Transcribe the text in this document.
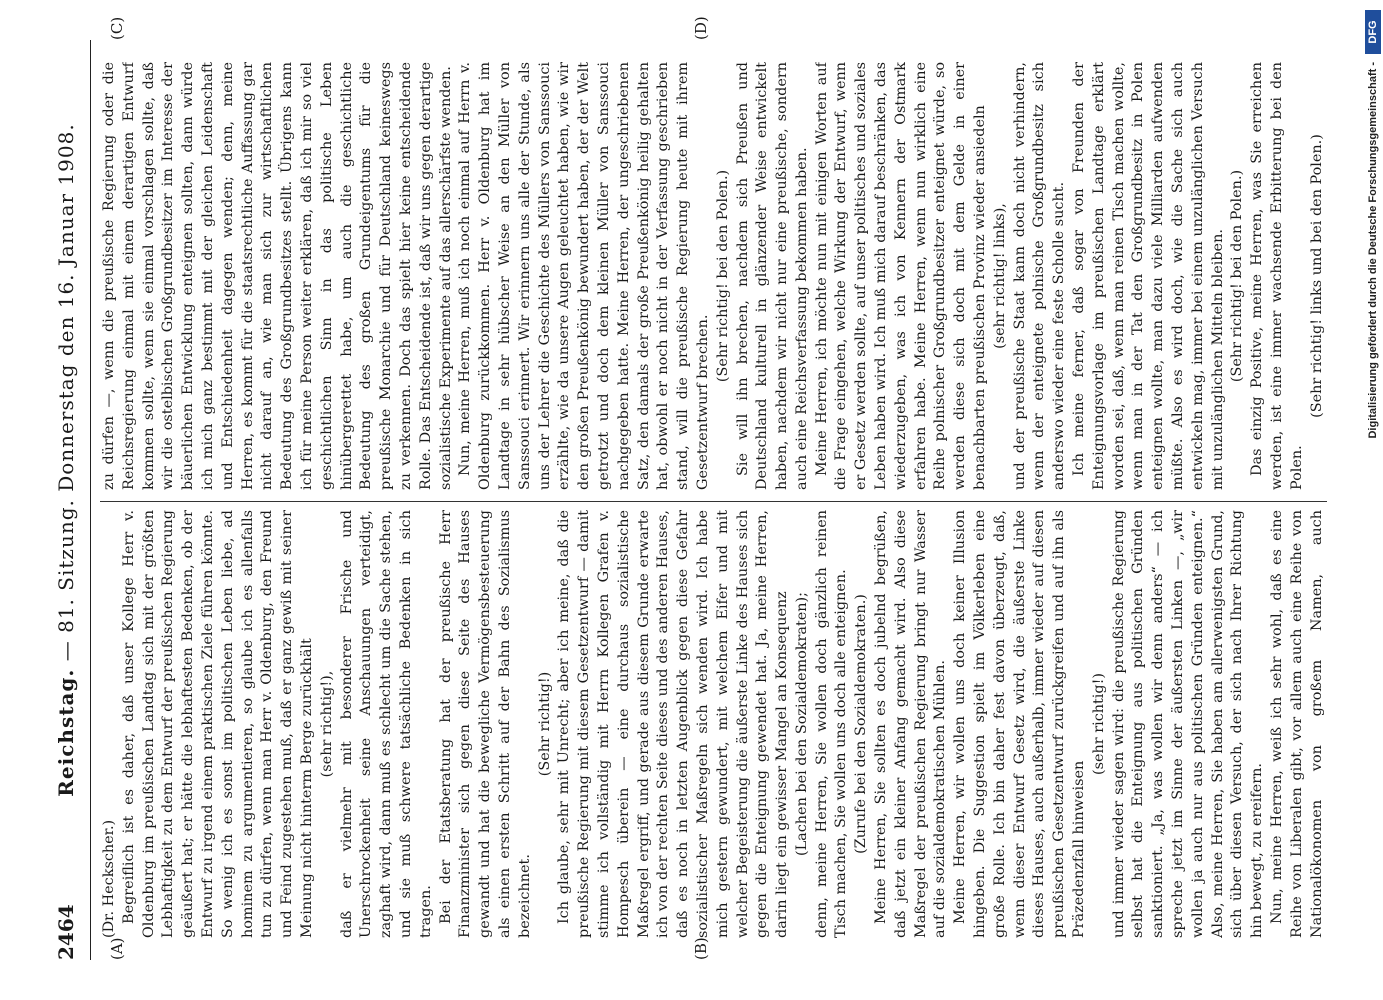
2464
Reichstag. — 81. Sitzung. Donnerstag den 16. Januar 1908.
(A)	(B)
(C)	(D)

(Dr. Heckscher.) Begreiflich ist es daher, daß unser Kollege Herr v. Oldenburg im preußischen Landtag sich mit der größten Lebhaftigkeit zu dem Entwurf der preußischen Regierung geäußert hat; er hätte die lebhaftesten Bedenken, ob der Entwurf zu irgend einem praktischen Ziele führen könnte. So wenig ich es sonst im politischen Leben liebe, ad hominem zu argumentieren, so glaube ich es allenfalls tun zu dürfen, wenn man Herr v. Oldenburg, den Freund und Feind zugestehen muß, daß er ganz gewiß mit seiner Meinung nicht hinterm Berge zurückhält (sehr richtig!), daß er vielmehr mit besonderer Frische und Unerschrockenheit seine Anschauungen verteidigt, zaghaft wird, dann muß es schlecht um die Sache stehen, und sie muß schwere tatsächliche Bedenken in sich tragen. Bei der Etatsberatung hat der preußische Herr Finanzminister sich gegen diese Seite des Hauses gewandt und hat die bewegliche Vermögensbesteuerung als einen ersten Schritt auf der Bahn des Sozialismus bezeichnet.

(Sehr richtig!) Ich glaube, sehr mit Unrecht; aber ich meine, daß die preußische Regierung mit diesem Gesetzentwurf — damit stimme ich vollständig mit Herrn Kollegen Grafen v. Hompesch überein — eine durchaus sozialistische Maßregel ergriff, und gerade aus diesem Grunde erwarte ich von der rechten Seite dieses und des anderen Hauses, daß es noch in letzten Augenblick gegen diese Gefahr sozialistischer Maßregeln sich wenden wird. Ich habe mich gestern gewundert, mit welchem Eifer und mit welcher Begeisterung die äußerste Linke des Hauses sich gegen die Enteignung gewendet hat. Ja, meine Herren, darin liegt ein gewisser Mangel an Konsequenz (Lachen bei den Sozialdemokraten); denn, meine Herren, Sie wollen doch gänzlich reinen Tisch machen, Sie wollen uns doch alle enteignen. (Zurufe bei den Sozialdemokraten.) Meine Herren, Sie sollten es doch jubelnd begrüßen, daß jetzt ein kleiner Anfang gemacht wird. Also diese Maßregel der preußischen Regierung bringt nur Wasser auf die sozialdemokratischen Mühlen. Meine Herren, wir wollen uns doch keiner Illusion hingeben. Die Suggestion spielt im Völkerleben eine große Rolle. Ich bin daher fest davon überzeugt, daß, wenn dieser Entwurf Gesetz wird, die äußerste Linke dieses Hauses, auch außerhalb, immer wieder auf diesen preußischen Gesetzentwurf zurückgreifen und auf ihn als Präzedenzfall hinweisen

(sehr richtig!) und immer wieder sagen wird: die preußische Regierung selbst hat die Enteignung aus politischen Gründen sanktioniert. „Ja, was wollen wir denn anders“ — ich spreche jetzt im Sinne der äußersten Linken —, „wir wollen ja auch nur aus politischen Gründen enteignen.“ Also, meine Herren, Sie haben am allerwenigsten Grund, sich über diesen Versuch, der sich nach Ihrer Richtung hin bewegt, zu ereifern. Nun, meine Herren, weiß ich sehr wohl, daß es eine Reihe von Liberalen gibt, vor allem auch eine Reihe von Nationalökonomen von großem Namen, auch

zu dürfen —, wenn die preußische Regierung oder die Reichsregierung einmal mit einem derartigen Entwurf kommen sollte, wenn sie einmal vorschlagen sollte, daß wir die ostelbischen Großgrundbesitzer im Interesse der bäuerlichen Entwicklung enteignen sollten, dann würde ich mich ganz bestimmt mit der gleichen Leidenschaft und Entschiedenheit dagegen wenden; denn, meine Herren, es kommt für die staatsrechtliche Auffassung gar nicht darauf an, wie man sich zur wirtschaftlichen Bedeutung des Großgrundbesitzes stellt. Übrigens kann ich für meine Person weiter erklären, daß ich mir so viel geschichtlichen Sinn in das politische Leben hinübergerettet habe, um auch die geschichtliche Bedeutung des großen Grundeigentums für die preußische Monarchie und für Deutschland keineswegs zu verkennen. Doch das spielt hier keine entscheidende Rolle. Das Entscheidende ist, daß wir uns gegen derartige sozialistische Experimente auf das allerschärfste wenden. Nun, meine Herren, muß ich noch einmal auf Herrn v. Oldenburg zurückkommen. Herr v. Oldenburg hat im Landtage in sehr hübscher Weise an den Müller von Sanssouci erinnert. Wir erinnern uns alle der Stunde, als uns der Lehrer die Geschichte des Müllers von Sanssouci erzählte, wie da unsere Augen geleuchtet haben, wie wir den großen Preußenkönig bewundert haben, der der Welt getrotzt und doch dem kleinen Müller von Sanssouci nachgegeben hatte. Meine Herren, der ungeschriebenen Satz, den damals der große Preußenkönig heilig gehalten hat, obwohl er noch nicht in der Verfassung geschrieben stand, will die preußische Regierung heute mit ihrem Gesetzentwurf brechen.

(Sehr richtig! bei den Polen.) Sie will ihn brechen, nachdem sich Preußen und Deutschland kulturell in glänzender Weise entwickelt haben, nachdem wir nicht nur eine preußische, sondern auch eine Reichsverfassung bekommen haben. Meine Herren, ich möchte nun mit einigen Worten auf die Frage eingehen, welche Wirkung der Entwurf, wenn er Gesetz werden sollte, auf unser politisches und soziales Leben haben wird. Ich muß mich darauf beschränken, das wiederzugeben, was ich von Kennern der Ostmark erfahren habe. Meine Herren, wenn nun wirklich eine Reihe polnischer Großgrundbesitzer enteignet würde, so werden diese sich doch mit dem Gelde in einer benachbarten preußischen Provinz wieder ansiedeln (sehr richtig! links), und der preußische Staat kann doch nicht verhindern, wenn der enteignete polnische Großgrundbesitz sich anderswo wieder eine feste Scholle sucht. Ich meine ferner, daß sogar von Freunden der Enteignungsvorlage im preußischen Landtage erklärt worden sei, daß, wenn man reinen Tisch machen wollte, wenn man in der Tat den Großgrundbesitz in Polen enteignen wollte, man dazu viele Milliarden aufwenden müßte. Also es wird doch, wie die Sache sich auch entwickeln mag, immer bei einem unzulänglichen Versuch mit unzulänglichen Mitteln bleiben. (Sehr richtig! bei den Polen.) Das einzig Positive, meine Herren, was Sie erreichen werden, ist eine immer wachsende Erbitterung bei den Polen.

(Sehr richtig! links und bei den Polen.)	Digitalisierung gefördert durch die Deutsche Forschungsgemeinschaft -
DFG
